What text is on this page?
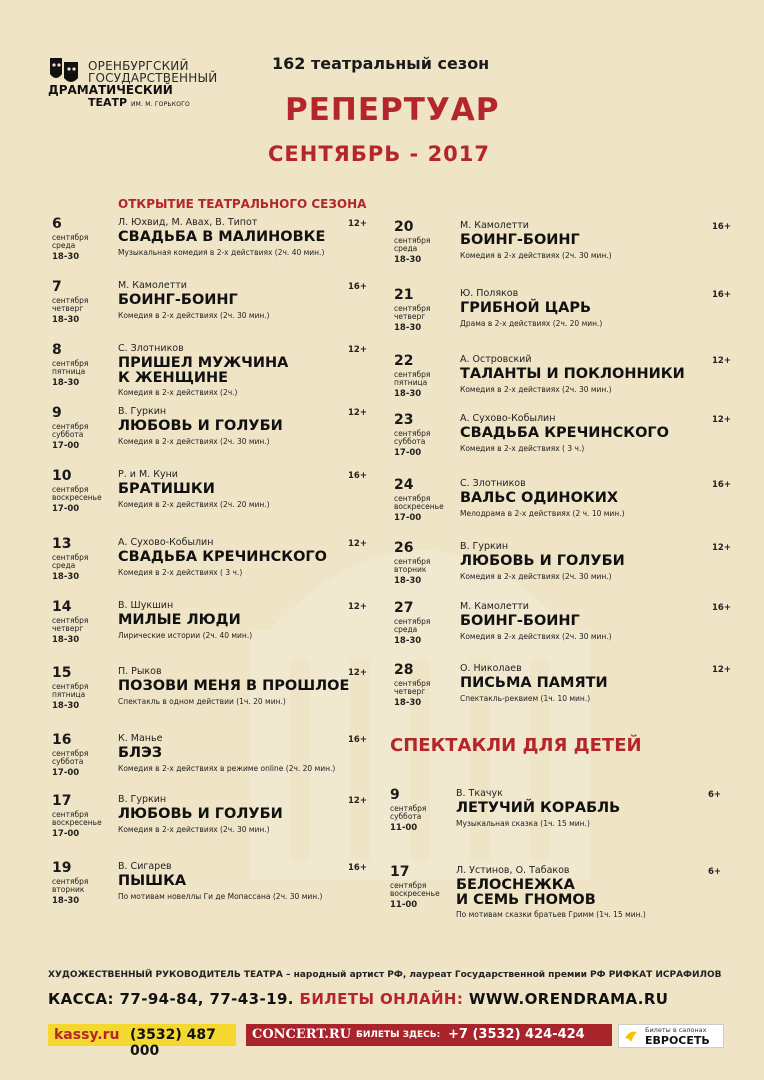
ОРЕНБУРГСКИЙ
ГОСУДАРСТВЕННЫЙ
ДРАМАТИЧЕСКИЙ
ТЕАТР ИМ. М. ГОРЬКОГО
162 театральный сезон
РЕПЕРТУАР
СЕНТЯБРЬ - 2017
ОТКРЫТИЕ ТЕАТРАЛЬНОГО СЕЗОНА
СПЕКТАКЛИ ДЛЯ ДЕТЕЙ
6
сентября
среда
18-30
Л. Юхвид, М. Авах, В. Типот
СВАДЬБА В МАЛИНОВКЕ
Музыкальная комедия в 2-х действиях (2ч. 40 мин.)
12+
7
сентября
четверг
18-30
М. Камолетти
БОИНГ-БОИНГ
Комедия в 2-х действиях (2ч. 30 мин.)
16+
8
сентября
пятница
18-30
С. Злотников
ПРИШЕЛ МУЖЧИНА
К ЖЕНЩИНЕ
Комедия в 2-х действиях (2ч.)
12+
9
сентября
суббота
17-00
В. Гуркин
ЛЮБОВЬ И ГОЛУБИ
Комедия в 2-х действиях (2ч. 30 мин.)
12+
10
сентября
воскресенье
17-00
Р. и М. Куни
БРАТИШКИ
Комедия в 2-х действиях (2ч. 20 мин.)
16+
13
сентября
среда
18-30
А. Сухово-Кобылин
СВАДЬБА КРЕЧИНСКОГО
Комедия в 2-х действиях ( 3 ч.)
12+
14
сентября
четверг
18-30
В. Шукшин
МИЛЫЕ ЛЮДИ
Лирические истории (2ч. 40 мин.)
12+
15
сентября
пятница
18-30
П. Рыков
ПОЗОВИ МЕНЯ В ПРОШЛОЕ
Спектакль в одном действии (1ч. 20 мин.)
12+
16
сентября
суббота
17-00
К. Манье
БЛЭЗ
Комедия в 2-х действиях в режиме online (2ч. 20 мин.)
16+
17
сентября
воскресенье
17-00
В. Гуркин
ЛЮБОВЬ И ГОЛУБИ
Комедия в 2-х действиях (2ч. 30 мин.)
12+
19
сентября
вторник
18-30
В. Сигарев
ПЫШКА
По мотивам новеллы Ги де Мопассана (2ч. 30 мин.)
16+
20
сентября
среда
18-30
М. Камолетти
БОИНГ-БОИНГ
Комедия в 2-х действиях (2ч. 30 мин.)
16+
21
сентября
четверг
18-30
Ю. Поляков
ГРИБНОЙ ЦАРЬ
Драма в 2-х действиях (2ч. 20 мин.)
16+
22
сентября
пятница
18-30
А. Островский
ТАЛАНТЫ И ПОКЛОННИКИ
Комедия в 2-х действиях (2ч. 30 мин.)
12+
23
сентября
суббота
17-00
А. Сухово-Кобылин
СВАДЬБА КРЕЧИНСКОГО
Комедия в 2-х действиях ( 3 ч.)
12+
24
сентября
воскресенье
17-00
С. Злотников
ВАЛЬС ОДИНОКИХ
Мелодрама в 2-х действиях (2 ч. 10 мин.)
16+
26
сентября
вторник
18-30
В. Гуркин
ЛЮБОВЬ И ГОЛУБИ
Комедия в 2-х действиях (2ч. 30 мин.)
12+
27
сентября
среда
18-30
М. Камолетти
БОИНГ-БОИНГ
Комедия в 2-х действиях (2ч. 30 мин.)
16+
28
сентября
четверг
18-30
О. Николаев
ПИСЬМА ПАМЯТИ
Спектакль-реквием (1ч. 10 мин.)
12+
9
сентября
суббота
11-00
В. Ткачук
ЛЕТУЧИЙ КОРАБЛЬ
Музыкальная сказка (1ч. 15 мин.)
6+
17
сентября
воскресенье
11-00
Л. Устинов, О. Табаков
БЕЛОСНЕЖКА
И СЕМЬ ГНОМОВ
По мотивам сказки братьев Гримм (1ч. 15 мин.)
6+
ХУДОЖЕСТВЕННЫЙ РУКОВОДИТЕЛЬ ТЕАТРА – народный артист РФ, лауреат Государственной премии РФ РИФКАТ ИСРАФИЛОВ
КАССА: 77-94-84, 77-43-19. БИЛЕТЫ ОНЛАЙН: WWW.ORENDRAMA.RU
kassy.ru (3532) 487 000
CONCERT.RU БИЛЕТЫ ЗДЕСЬ: +7 (3532) 424-424	Билеты в салонах
ЕВРОСЕТЬ
